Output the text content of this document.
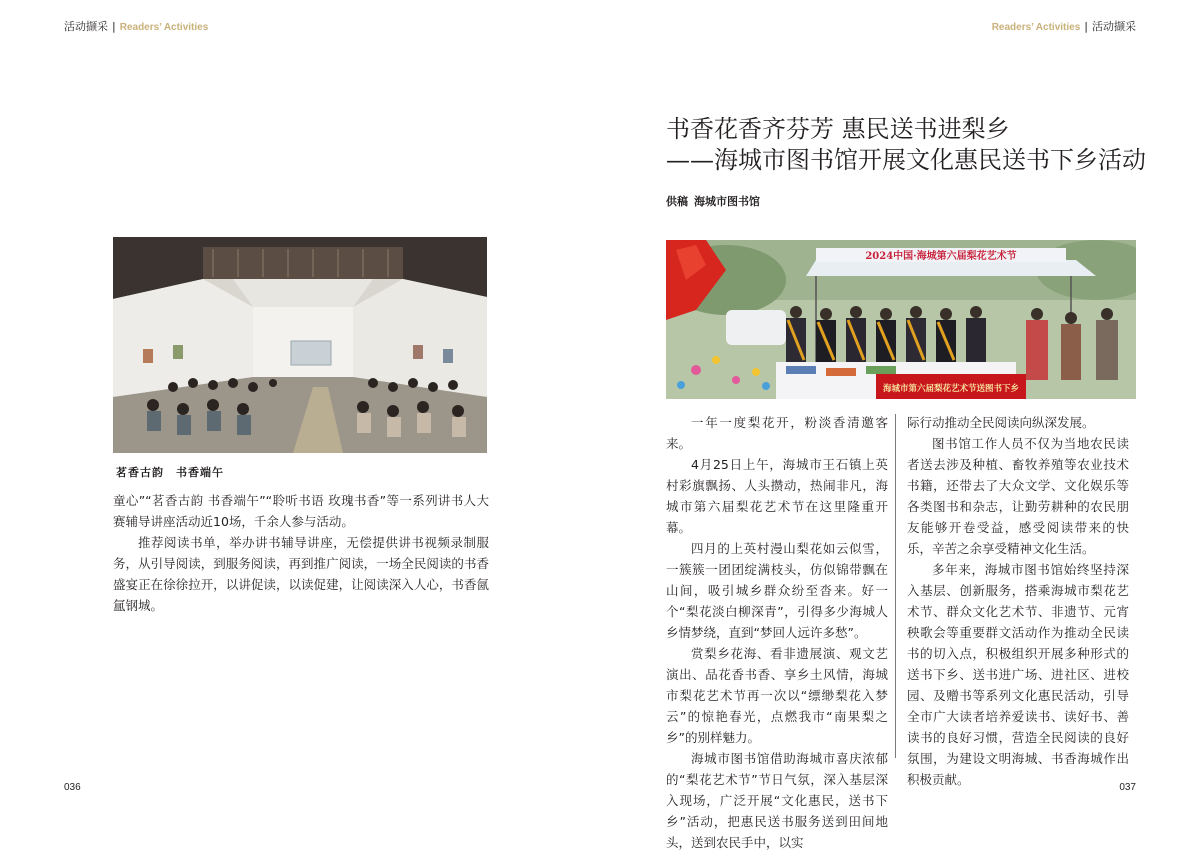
活动撷采 | Readers’ Activities	Readers’ Activities | 活动撷采
茗香古韵　书香端午

童心”“茗香古韵 书香端午”“聆听书语 玫瑰书香”等一系列讲书人大赛辅导讲座活动近10场，千余人参与活动。

推荐阅读书单，举办讲书辅导讲座，无偿提供讲书视频录制服务，从引导阅读，到服务阅读，再到推广阅读，一场全民阅读的书香盛宴正在徐徐拉开，以讲促读，以读促建，让阅读深入人心，书香氤氲钢城。

书香花香齐芬芳 惠民送书进梨乡
——海城市图书馆开展文化惠民送书下乡活动
供稿 海城市图书馆
2024中国·海城第六届梨花艺术节
海城市第六届梨花艺术节送图书下乡

一年一度梨花开，粉淡香清邀客来。

4月25日上午，海城市王石镇上英村彩旗飘扬、人头攒动，热闹非凡，海城市第六届梨花艺术节在这里隆重开幕。

四月的上英村漫山梨花如云似雪，一簇簇一团团绽满枝头，仿似锦带飘在山间，吸引城乡群众纷至沓来。好一个“梨花淡白柳深青”，引得多少海城人乡情梦绕，直到“梦回人远许多愁”。

赏梨乡花海、看非遗展演、观文艺演出、品花香书香、享乡土风情，海城市梨花艺术节再一次以“缥缈梨花入梦云”的惊艳春光，点燃我市“南果梨之乡”的别样魅力。

海城市图书馆借助海城市喜庆浓郁的“梨花艺术节”节日气氛，深入基层深入现场，广泛开展“文化惠民，送书下乡”活动，把惠民送书服务送到田间地头，送到农民手中，以实

际行动推动全民阅读向纵深发展。

图书馆工作人员不仅为当地农民读者送去涉及种植、畜牧养殖等农业技术书籍，还带去了大众文学、文化娱乐等各类图书和杂志，让勤劳耕种的农民朋友能够开卷受益，感受阅读带来的快乐，辛苦之余享受精神文化生活。

多年来，海城市图书馆始终坚持深入基层、创新服务，搭乘海城市梨花艺术节、群众文化艺术节、非遗节、元宵秧歌会等重要群文活动作为推动全民读书的切入点，积极组织开展多种形式的送书下乡、送书进广场、进社区、进校园、及赠书等系列文化惠民活动，引导全市广大读者培养爱读书、读好书、善读书的良好习惯，营造全民阅读的良好氛围，为建设文明海城、书香海城作出积极贡献。

036	037
